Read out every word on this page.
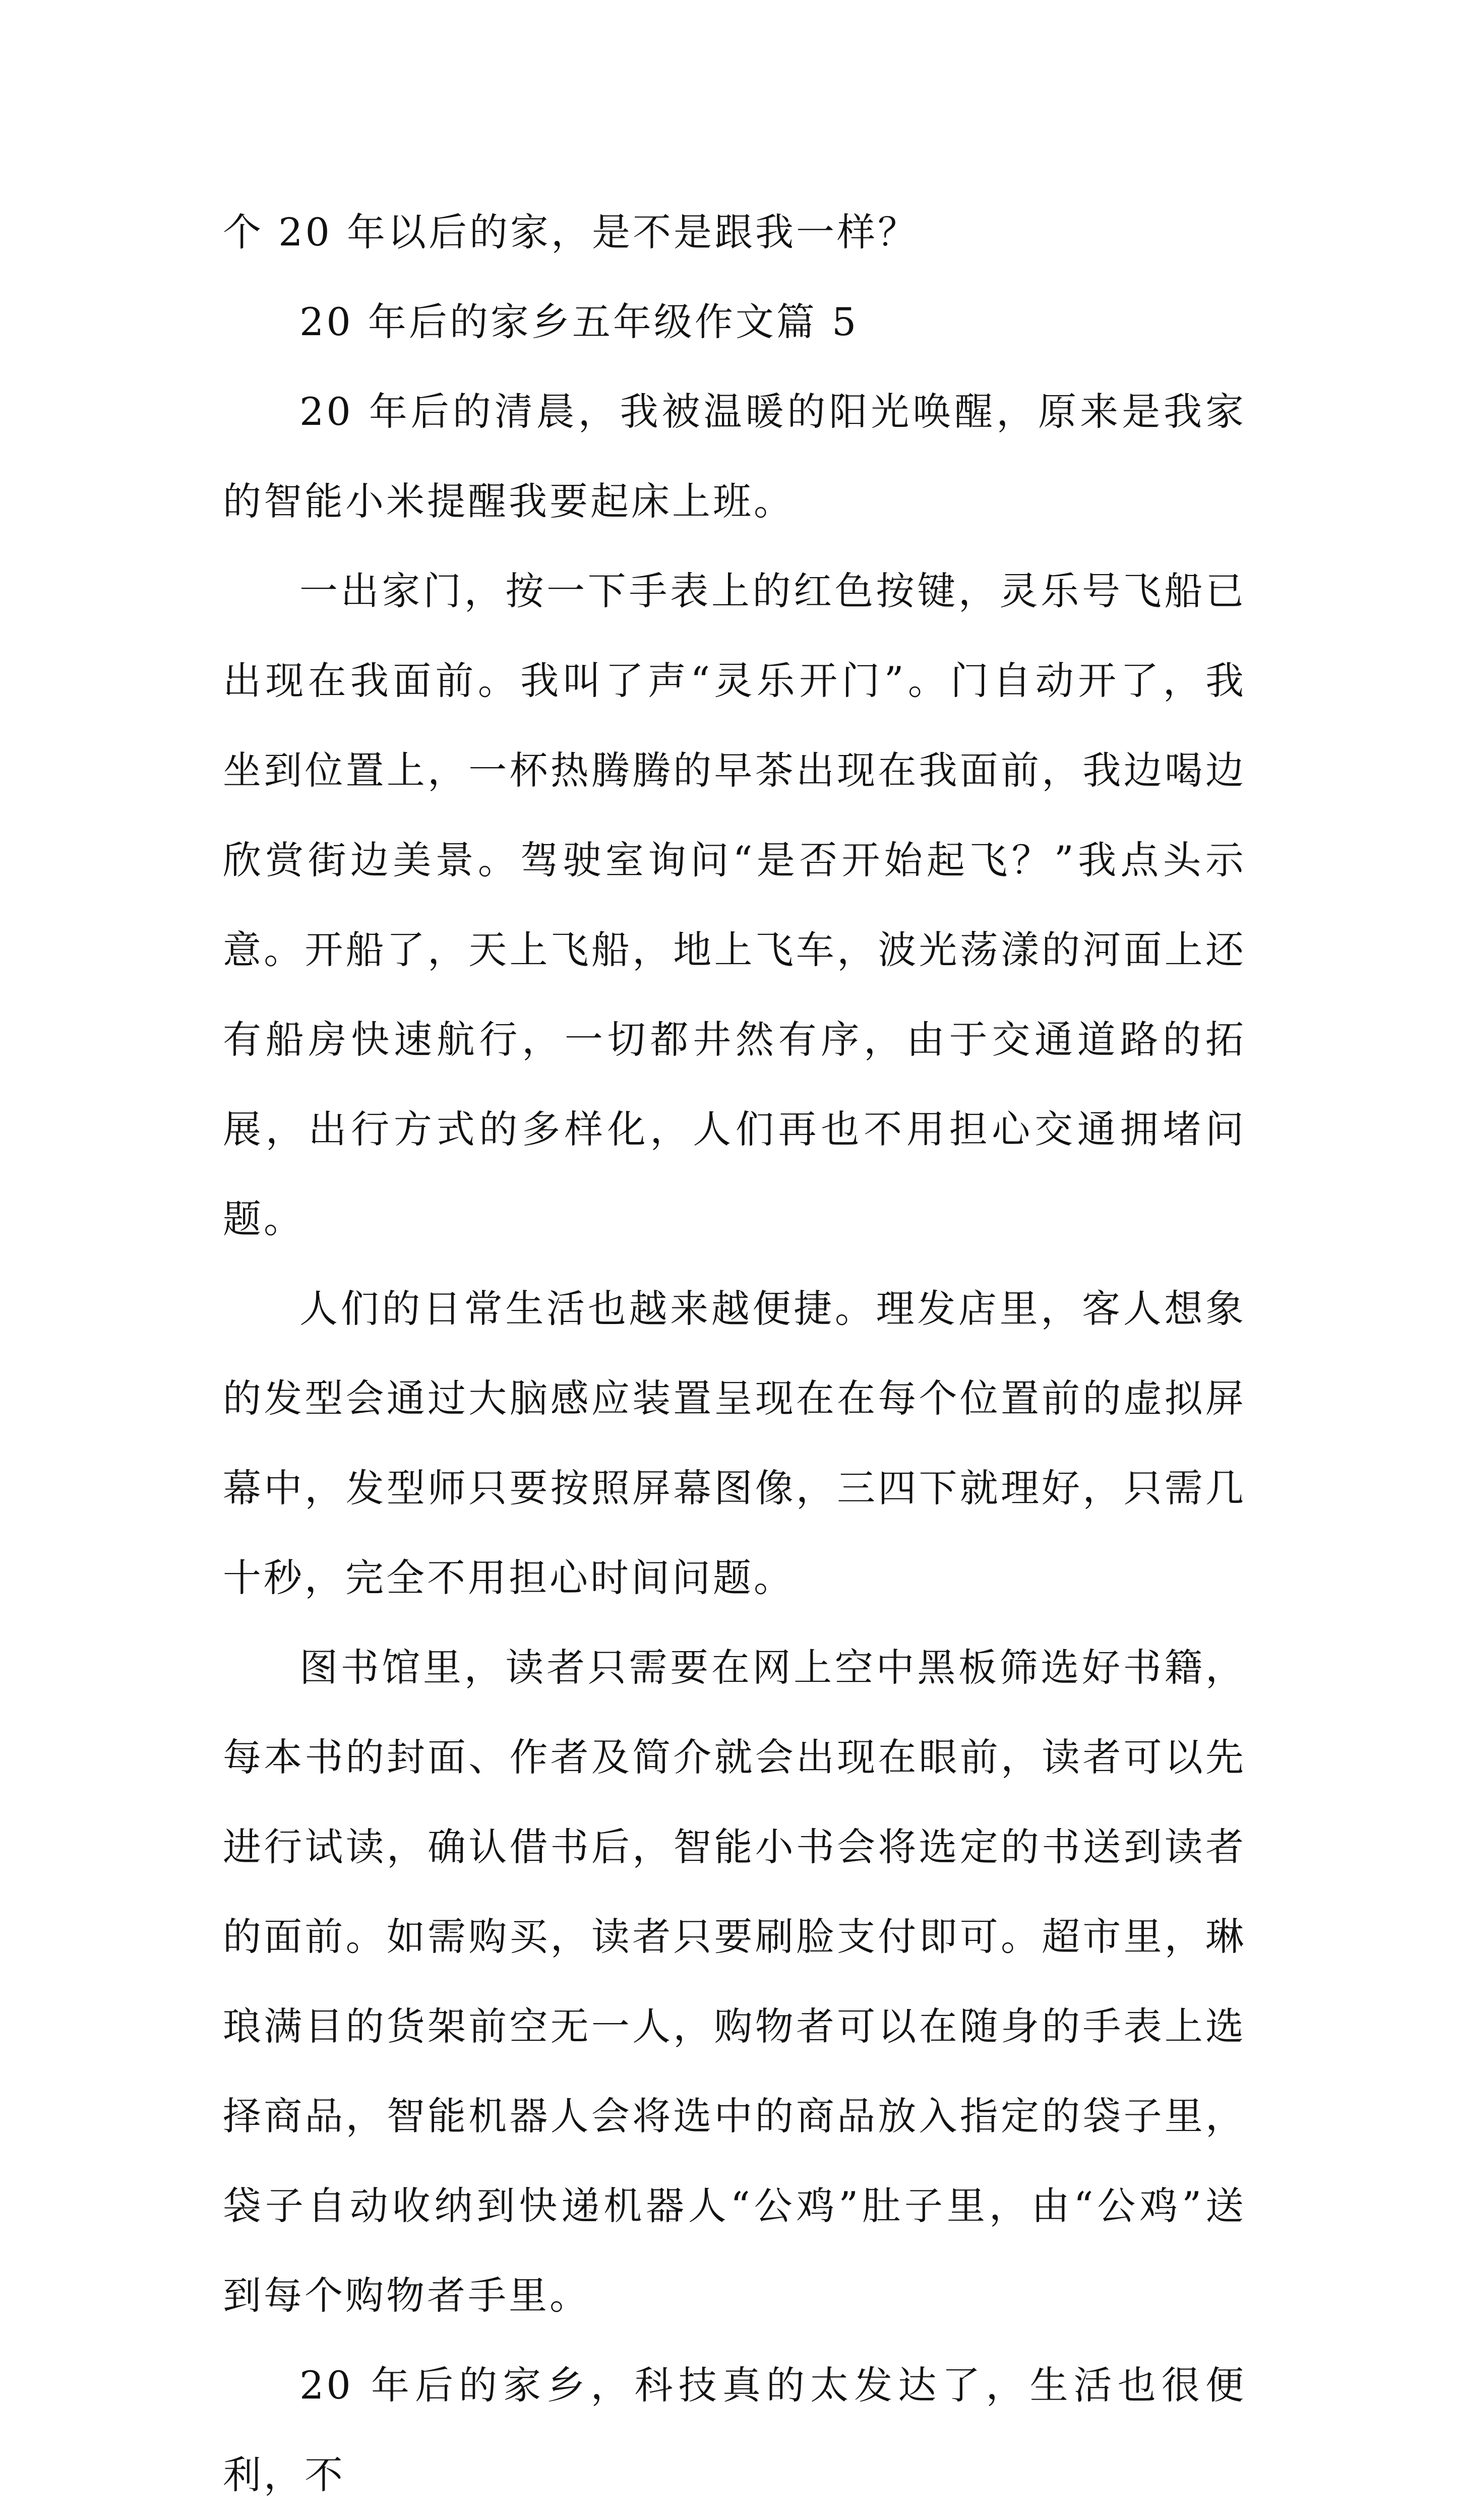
个 20 年以后的家，是不是跟我一样？

20 年后的家乡五年级作文篇 5

20 年后的清晨，我被温暖的阳光唤醒，原来是我家的智能小米提醒我要起床上班。

一出家门，按一下手表上的红色按键，灵乐号飞船已出现在我面前。我叫了声“灵乐开门”。门自动开了，我坐到位置上，一杯热腾腾的早茶出现在我面前，我边喝边欣赏街边美景。驾驶室询问“是否开始起飞？”我点头示意。开船了，天上飞船，地上飞车，波光荡漾的河面上还有船房快速航行，一切都井然有序，由于交通道路的拓展，出行方式的多样化，人们再也不用担心交通拥堵问题。

人们的日常生活也越来越便捷。理发店里，客人想象的发型会通过大脑感应装置呈现在在每个位置前的虚拟屏幕中，发型师只要按照屏幕图像，三四下就理好，只需几十秒，完全不用担心时间问题。

图书馆里，读者只需要在网上空中黑板筛选好书籍，每本书的封面、作者及简介就会出现在眼前，读者可以先进行试读，确认借书后，智能小书会将选定的书送到读者的面前。如需购买，读者只要刷脸支付即可。超市里，琳琅满目的货架前空无一人，购物者可以在随身的手表上选择商品，智能机器人会将选中的商品放入指定的袋子里，袋子自动收纳到快递机器人“公鸡”肚子里，由“公鸡”送到每个购物者手里。

20 年后的家乡，科技真的太发达了，生活也很便利，不
